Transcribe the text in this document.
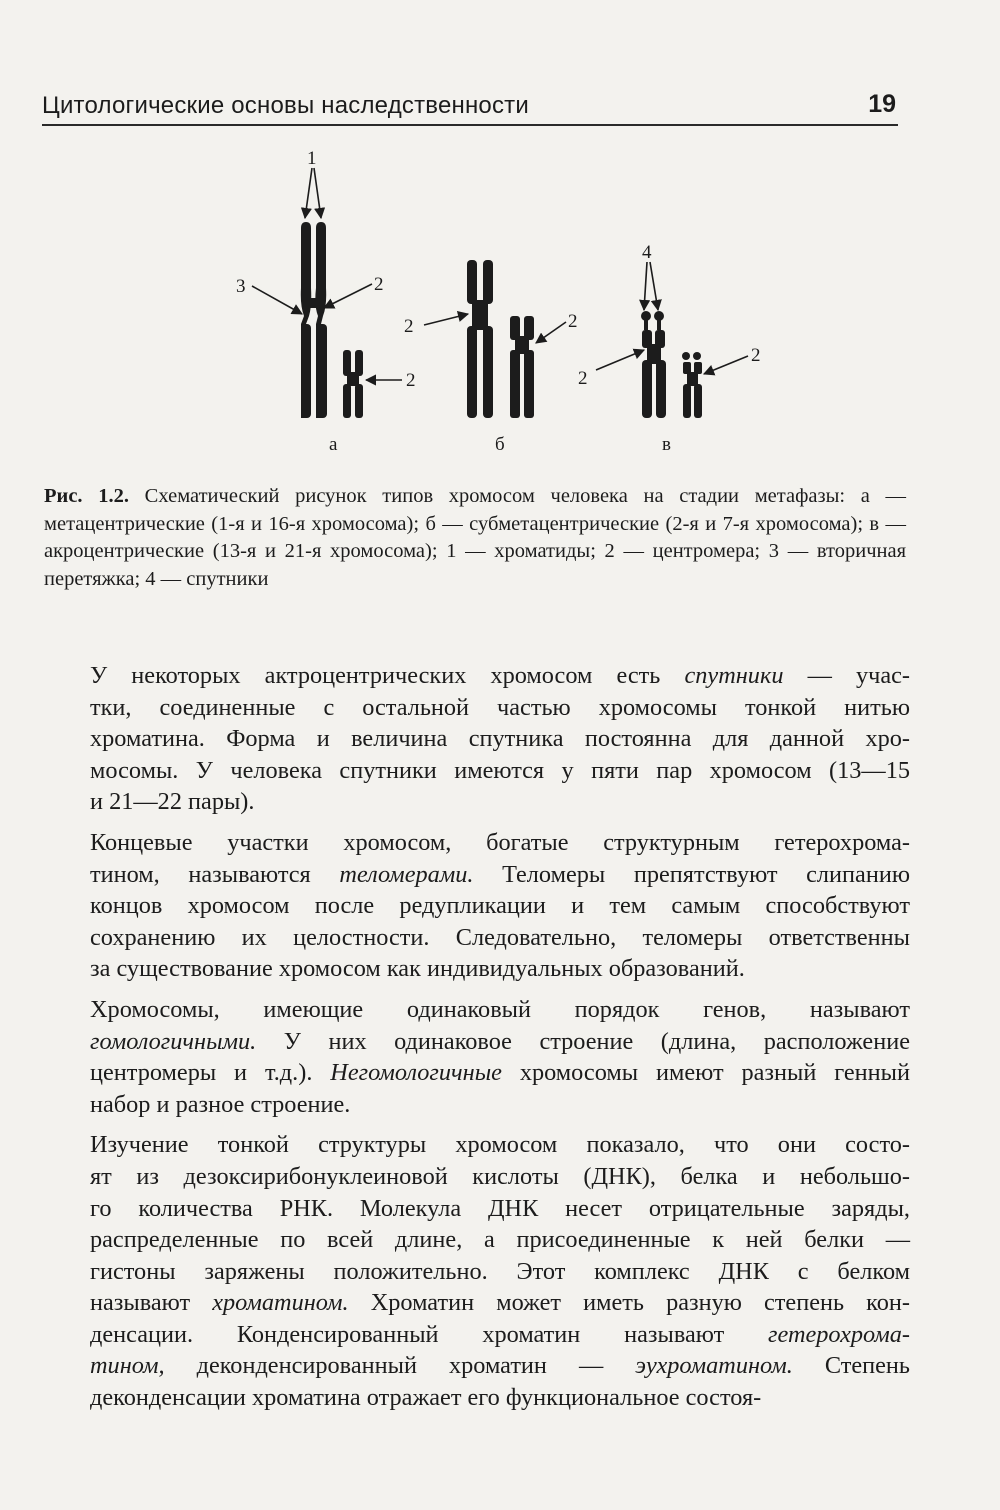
Цитологические основы наследственности	19
1
3	2
2
2	2
4
2
2
а	б	в
Рис. 1.2. Схематический рисунок типов хромосом человека на стадии метафазы: а — метацентрические (1-я и 16-я хромосома); б — субметацентрические (2-я и 7-я хромосома); в — акроцентрические (13-я и 21-я хромосома); 1 — хроматиды; 2 — центромера; 3 — вторичная перетяжка; 4 — спутники
У некоторых актроцентрических хромосом есть спутники — учас-
тки, соединенные с остальной частью хромосомы тонкой нитью
хроматина. Форма и величина спутника постоянна для данной хро-
мосомы. У человека спутники имеются у пяти пар хромосом (13—15
и 21—22 пары).
Концевые участки хромосом, богатые структурным гетерохрома-
тином, называются теломерами. Теломеры препятствуют слипанию
концов хромосом после редупликации и тем самым способствуют
сохранению их целостности. Следовательно, теломеры ответственны
за существование хромосом как индивидуальных образований.
Хромосомы, имеющие одинаковый порядок генов, называют
гомологичными. У них одинаковое строение (длина, расположение
центромеры и т.д.). Негомологичные хромосомы имеют разный генный
набор и разное строение.
Изучение тонкой структуры хромосом показало, что они состо-
ят из дезоксирибонуклеиновой кислоты (ДНК), белка и небольшо-
го количества РНК. Молекула ДНК несет отрицательные заряды,
распределенные по всей длине, а присоединенные к ней белки —
гистоны заряжены положительно. Этот комплекс ДНК с белком
называют хроматином. Хроматин может иметь разную степень кон-
денсации. Конденсированный хроматин называют гетерохрома-
тином, деконденсированный хроматин — эухроматином. Степень
деконденсации хроматина отражает его функциональное состоя-
